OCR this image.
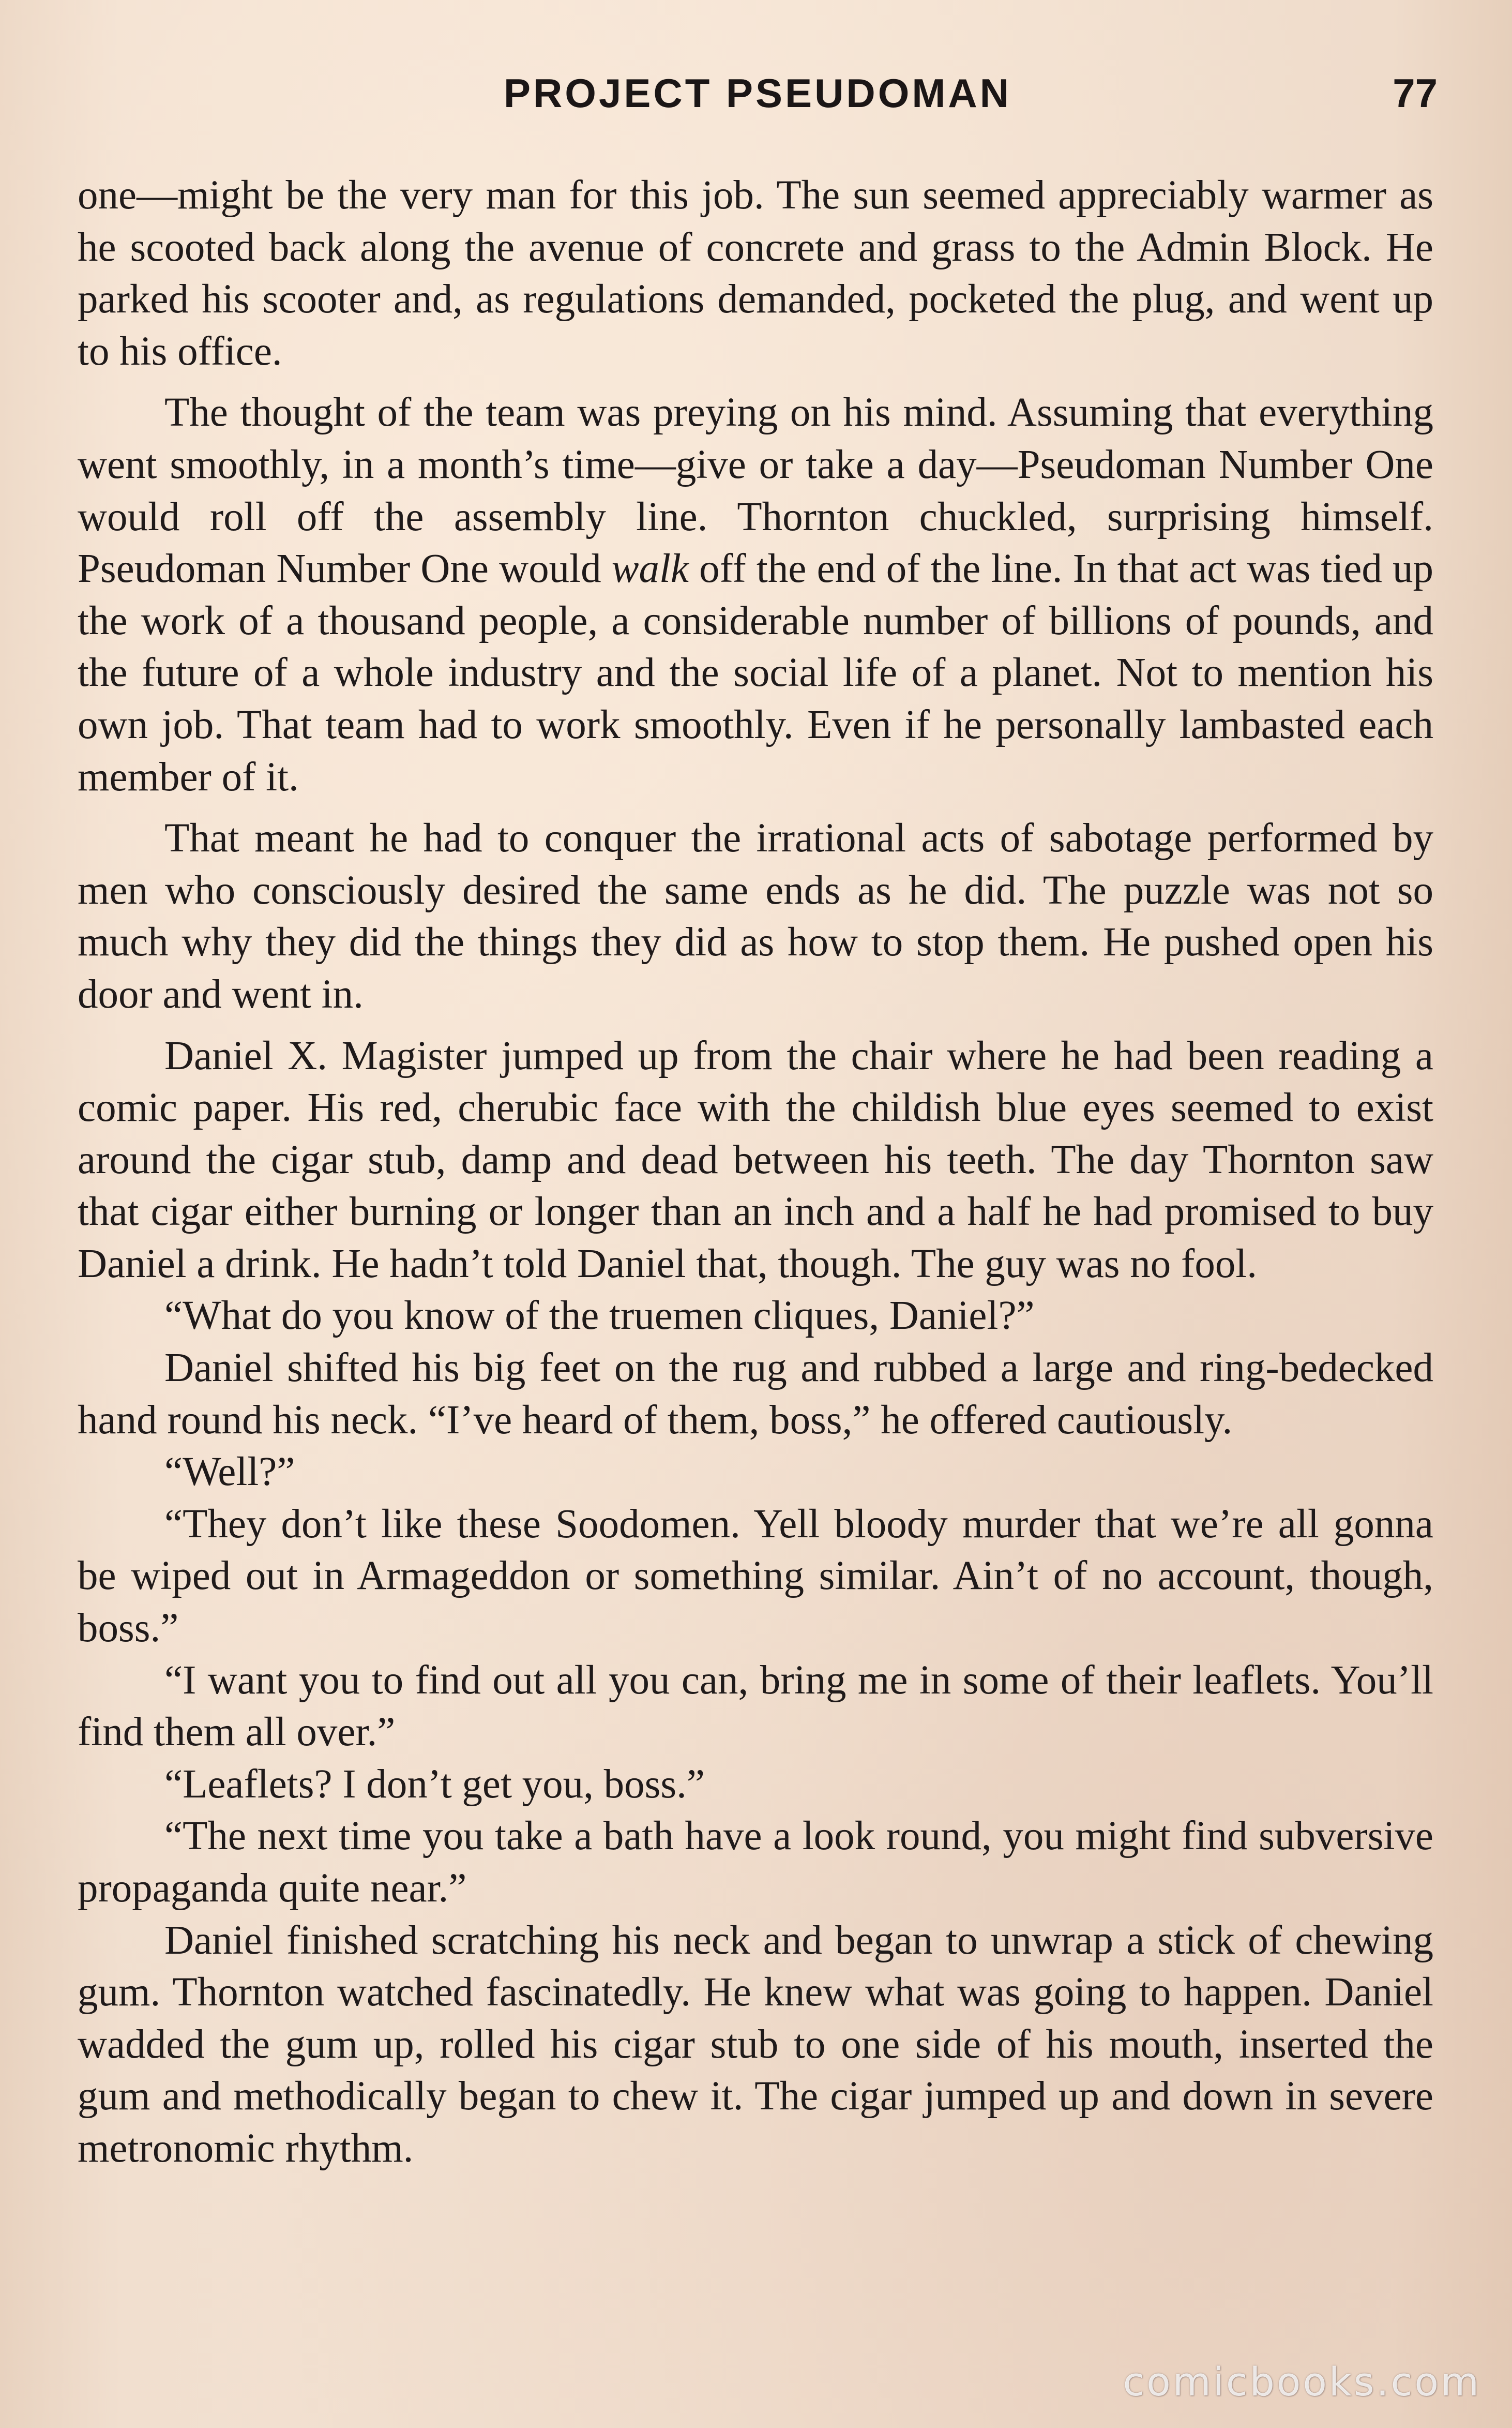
PROJECT PSEUDOMAN	77

one—might be the very man for this job. The sun seemed appreciably warmer as he scooted back along the avenue of concrete and grass to the Admin Block. He parked his scooter and, as regulations demanded, pocketed the plug, and went up to his office.

The thought of the team was preying on his mind. Assuming that everything went smoothly, in a month’s time—give or take a day—Pseudoman Number One would roll off the assembly line. Thornton chuckled, surprising himself. Pseudoman Number One would walk off the end of the line. In that act was tied up the work of a thousand people, a considerable number of billions of pounds, and the future of a whole industry and the social life of a planet. Not to mention his own job. That team had to work smoothly. Even if he personally lambasted each member of it.

That meant he had to conquer the irrational acts of sabotage performed by men who consciously desired the same ends as he did. The puzzle was not so much why they did the things they did as how to stop them. He pushed open his door and went in.

Daniel X. Magister jumped up from the chair where he had been reading a comic paper. His red, cherubic face with the childish blue eyes seemed to exist around the cigar stub, damp and dead between his teeth. The day Thornton saw that cigar either burning or longer than an inch and a half he had promised to buy Daniel a drink. He hadn’t told Daniel that, though. The guy was no fool.

“What do you know of the truemen cliques, Daniel?”

Daniel shifted his big feet on the rug and rubbed a large and ring-bedecked hand round his neck. “I’ve heard of them, boss,” he offered cautiously.

“Well?”

“They don’t like these Soodomen. Yell bloody murder that we’re all gonna be wiped out in Armageddon or something similar. Ain’t of no account, though, boss.”

“I want you to find out all you can, bring me in some of their leaflets. You’ll find them all over.”

“Leaflets? I don’t get you, boss.”

“The next time you take a bath have a look round, you might find subversive propaganda quite near.”

Daniel finished scratching his neck and began to unwrap a stick of chewing gum. Thornton watched fascinatedly. He knew what was going to happen. Daniel wadded the gum up, rolled his cigar stub to one side of his mouth, inserted the gum and methodically began to chew it. The cigar jumped up and down in severe metronomic rhythm.

comicbooks.com
